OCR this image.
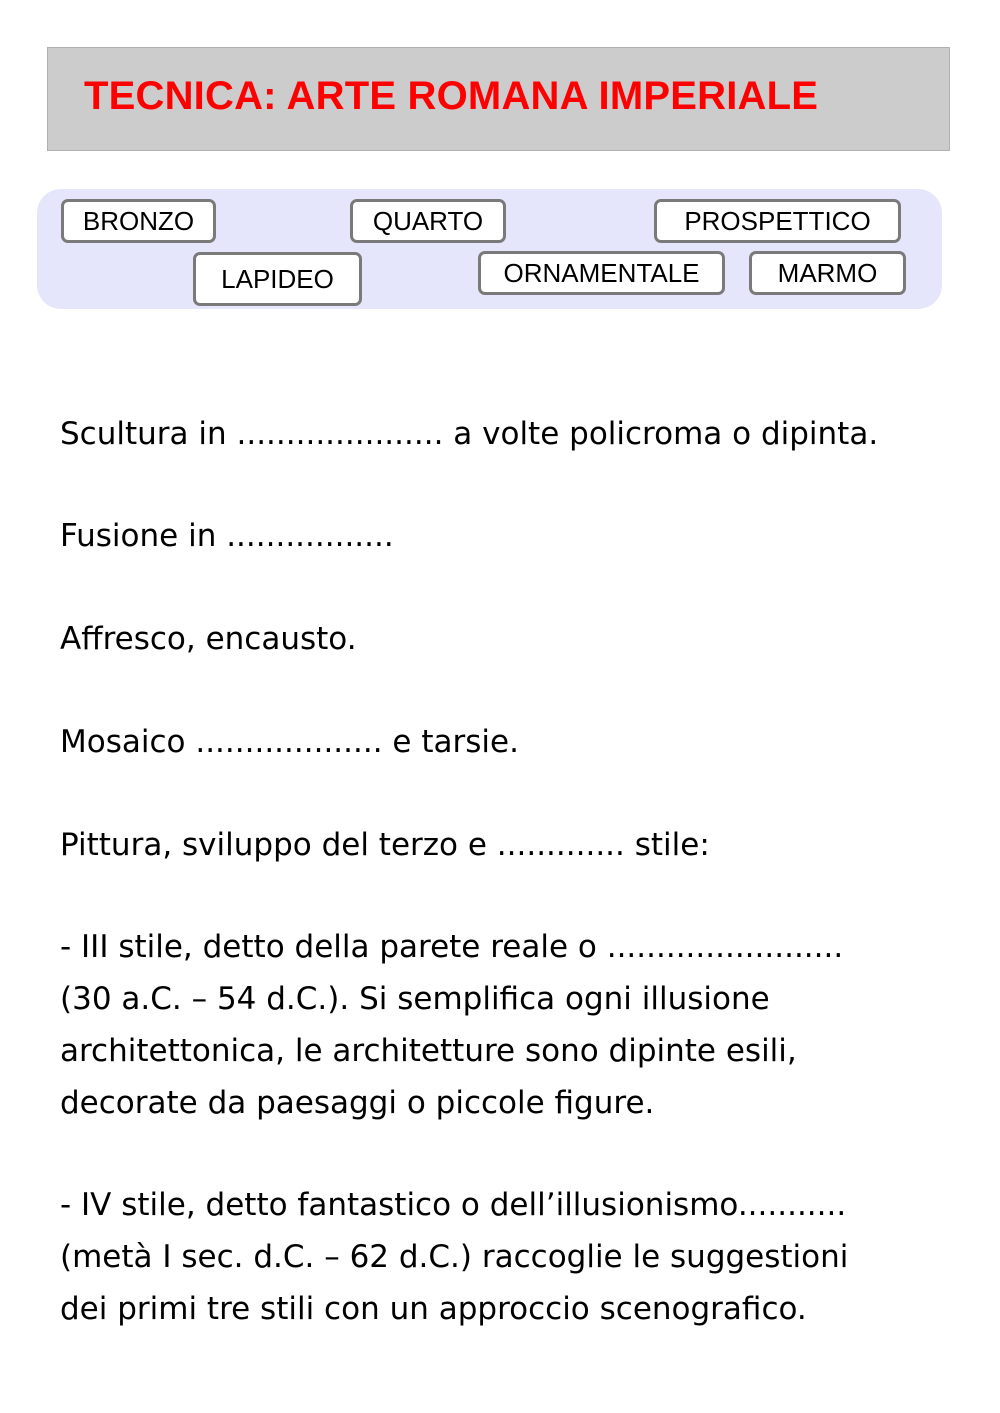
TECNICA: ARTE ROMANA IMPERIALE
BRONZO	QUARTO	PROSPETTICO
LAPIDEO	ORNAMENTALE	MARMO
Scultura in ..................... a volte policroma o dipinta.
Fusione in .................
Affresco, encausto.
Mosaico ................... e tarsie.
Pittura, sviluppo del terzo e ............. stile:
- III stile, detto della parete reale o ........................
(30 a.C. – 54 d.C.). Si semplifica ogni illusione
architettonica, le architetture sono dipinte esili,
decorate da paesaggi o piccole figure.
- IV stile, detto fantastico o dell’illusionismo...........
(metà I sec. d.C. – 62 d.C.) raccoglie le suggestioni
dei primi tre stili con un approccio scenografico.
